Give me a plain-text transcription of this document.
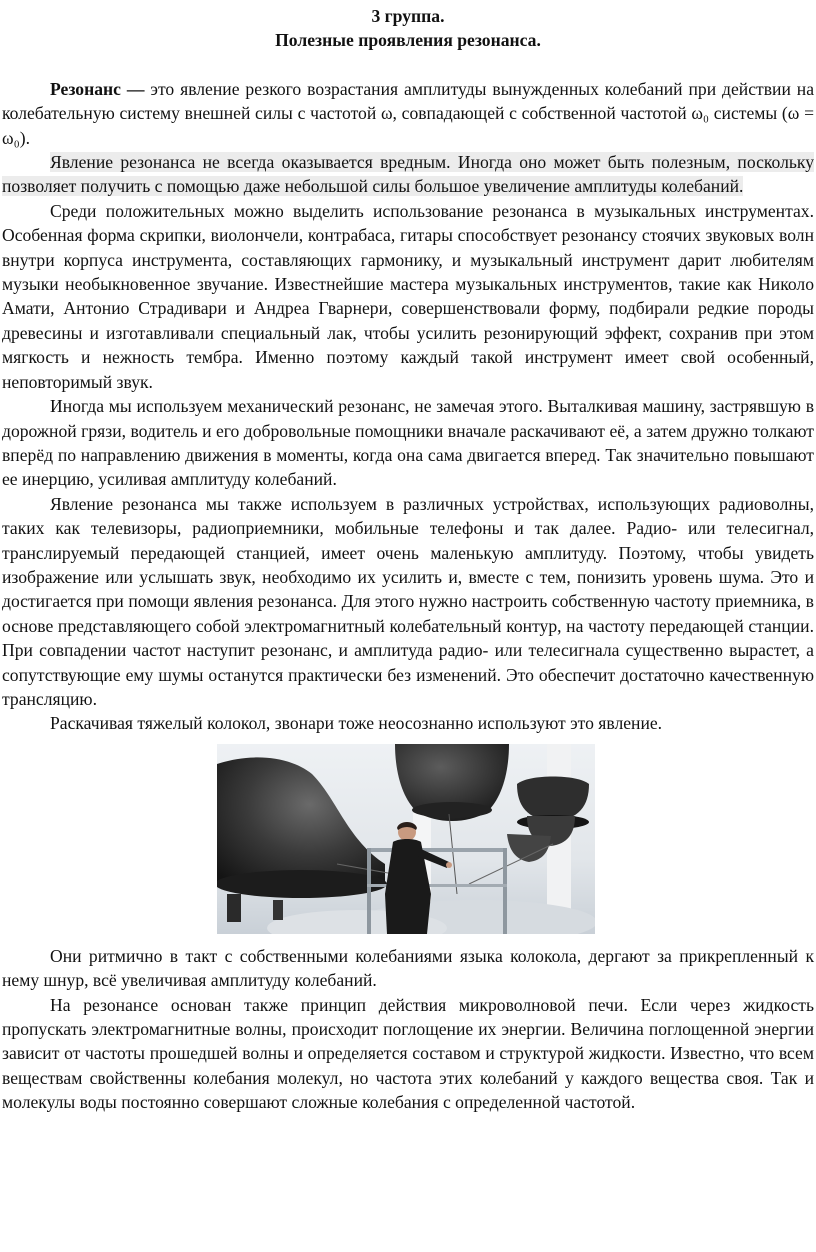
3 группа.
Полезные проявления резонанса.

Резонанс — это явление резкого возрастания амплитуды вынужденных колебаний при действии на колебательную систему внешней силы с частотой ω, совпадающей с собственной частотой ω₀ системы (ω = ω₀).

Явление резонанса не всегда оказывается вредным. Иногда оно может быть полезным, поскольку позволяет получить с помощью даже небольшой силы большое увеличение амплитуды колебаний.

Среди положительных можно выделить использование резонанса в музыкальных инструментах. Особенная форма скрипки, виолончели, контрабаса, гитары способствует резонансу стоячих звуковых волн внутри корпуса инструмента, составляющих гармонику, и музыкальный инструмент дарит любителям музыки необыкновенное звучание. Известнейшие мастера музыкальных инструментов, такие как Николо Амати, Антонио Страдивари и Андреа Гварнери, совершенствовали форму, подбирали редкие породы древесины и изготавливали специальный лак, чтобы усилить резонирующий эффект, сохранив при этом мягкость и нежность тембра. Именно поэтому каждый такой инструмент имеет свой особенный, неповторимый звук.

Иногда мы используем механический резонанс, не замечая этого. Выталкивая машину, застрявшую в дорожной грязи, водитель и его добровольные помощники вначале раскачивают её, а затем дружно толкают вперёд по направлению движения в моменты, когда она сама двигается вперед. Так значительно повышают ее инерцию, усиливая амплитуду колебаний.

Явление резонанса мы также используем в различных устройствах, использующих радиоволны, таких как телевизоры, радиоприемники, мобильные телефоны и так далее. Радио- или телесигнал, транслируемый передающей станцией, имеет очень маленькую амплитуду. Поэтому, чтобы увидеть изображение или услышать звук, необходимо их усилить и, вместе с тем, понизить уровень шума. Это и достигается при помощи явления резонанса. Для этого нужно настроить собственную частоту приемника, в основе представляющего собой электромагнитный колебательный контур, на частоту передающей станции. При совпадении частот наступит резонанс, и амплитуда радио- или телесигнала существенно вырастет, а сопутствующие ему шумы останутся практически без изменений. Это обеспечит достаточно качественную трансляцию.

Раскачивая тяжелый колокол, звонари тоже неосознанно используют это явление.

Они ритмично в такт с собственными колебаниями языка колокола, дергают за прикрепленный к нему шнур, всё увеличивая амплитуду колебаний.

На резонансе основан также принцип действия микроволновой печи. Если через жидкость пропускать электромагнитные волны, происходит поглощение их энергии. Величина поглощенной энергии зависит от частоты прошедшей волны и определяется составом и структурой жидкости. Известно, что всем веществам свойственны колебания молекул, но частота этих колебаний у каждого вещества своя. Так и молекулы воды постоянно совершают сложные колебания с определенной частотой.
